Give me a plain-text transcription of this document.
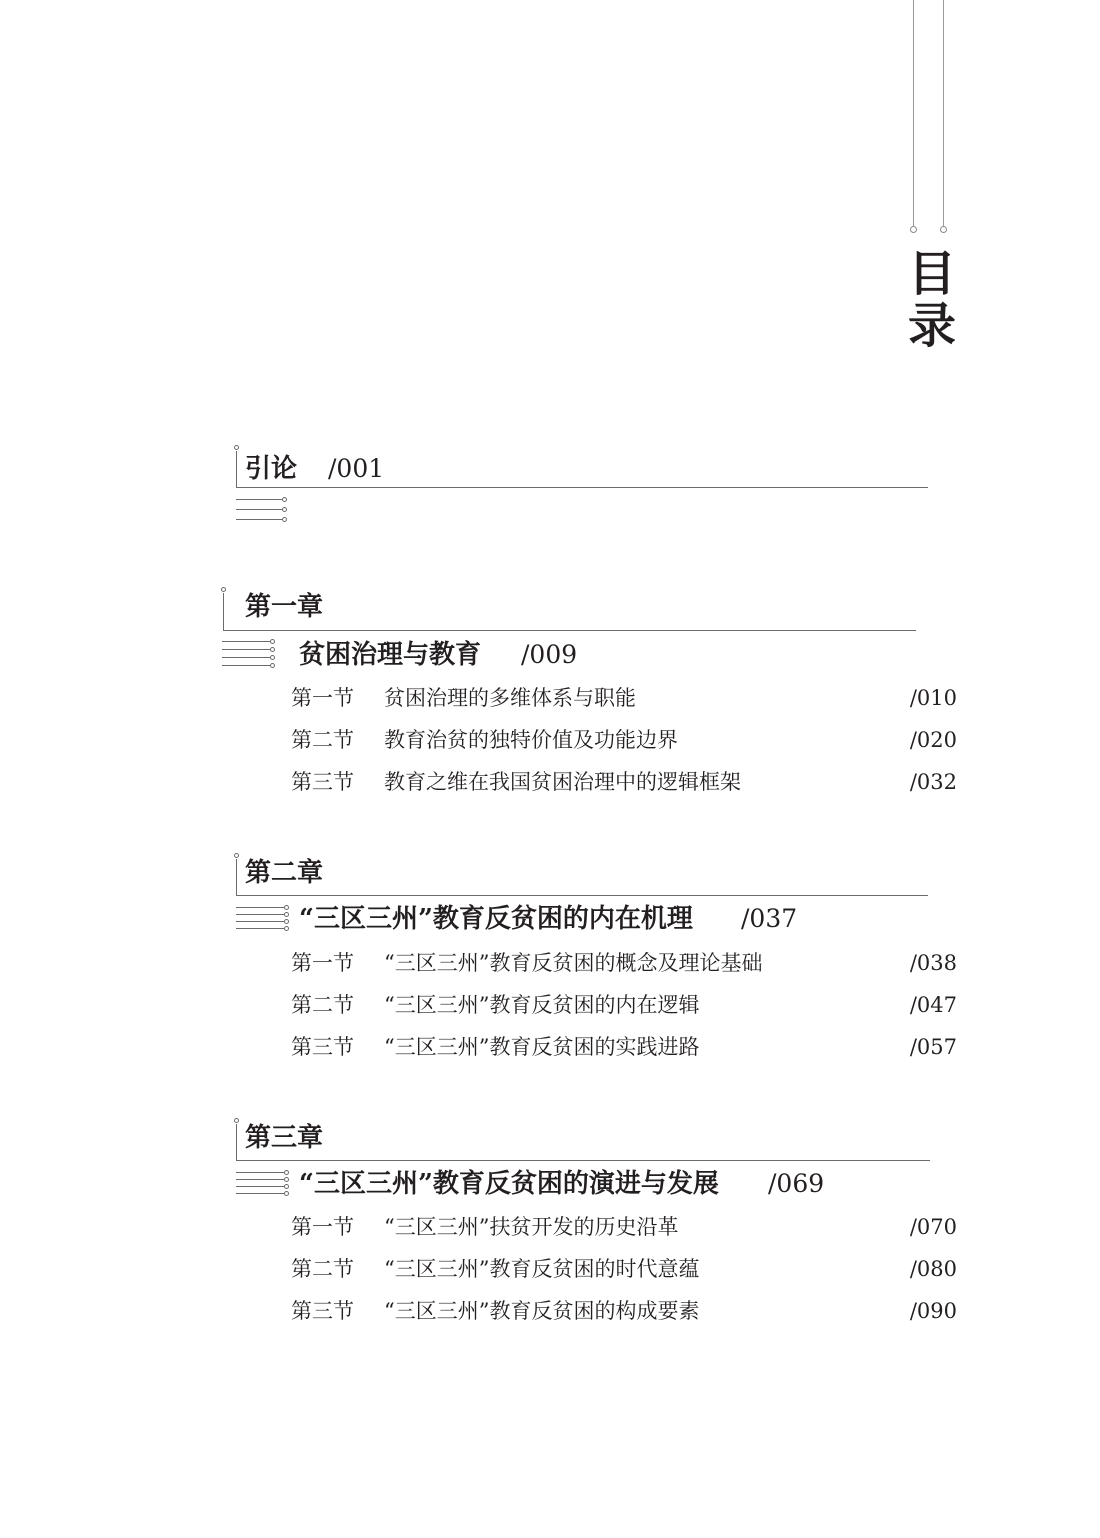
目
录
引论 /001
第一章
贫困治理与教育 /009
第一节 贫困治理的多维体系与职能	/010
第二节 教育治贫的独特价值及功能边界	/020
第三节 教育之维在我国贫困治理中的逻辑框架	/032
第二章
“三区三州”教育反贫困的内在机理 /037
第一节 “三区三州”教育反贫困的概念及理论基础	/038
第二节 “三区三州”教育反贫困的内在逻辑	/047
第三节 “三区三州”教育反贫困的实践进路	/057
第三章
“三区三州”教育反贫困的演进与发展 /069
第一节 “三区三州”扶贫开发的历史沿革	/070
第二节 “三区三州”教育反贫困的时代意蕴	/080
第三节 “三区三州”教育反贫困的构成要素	/090
